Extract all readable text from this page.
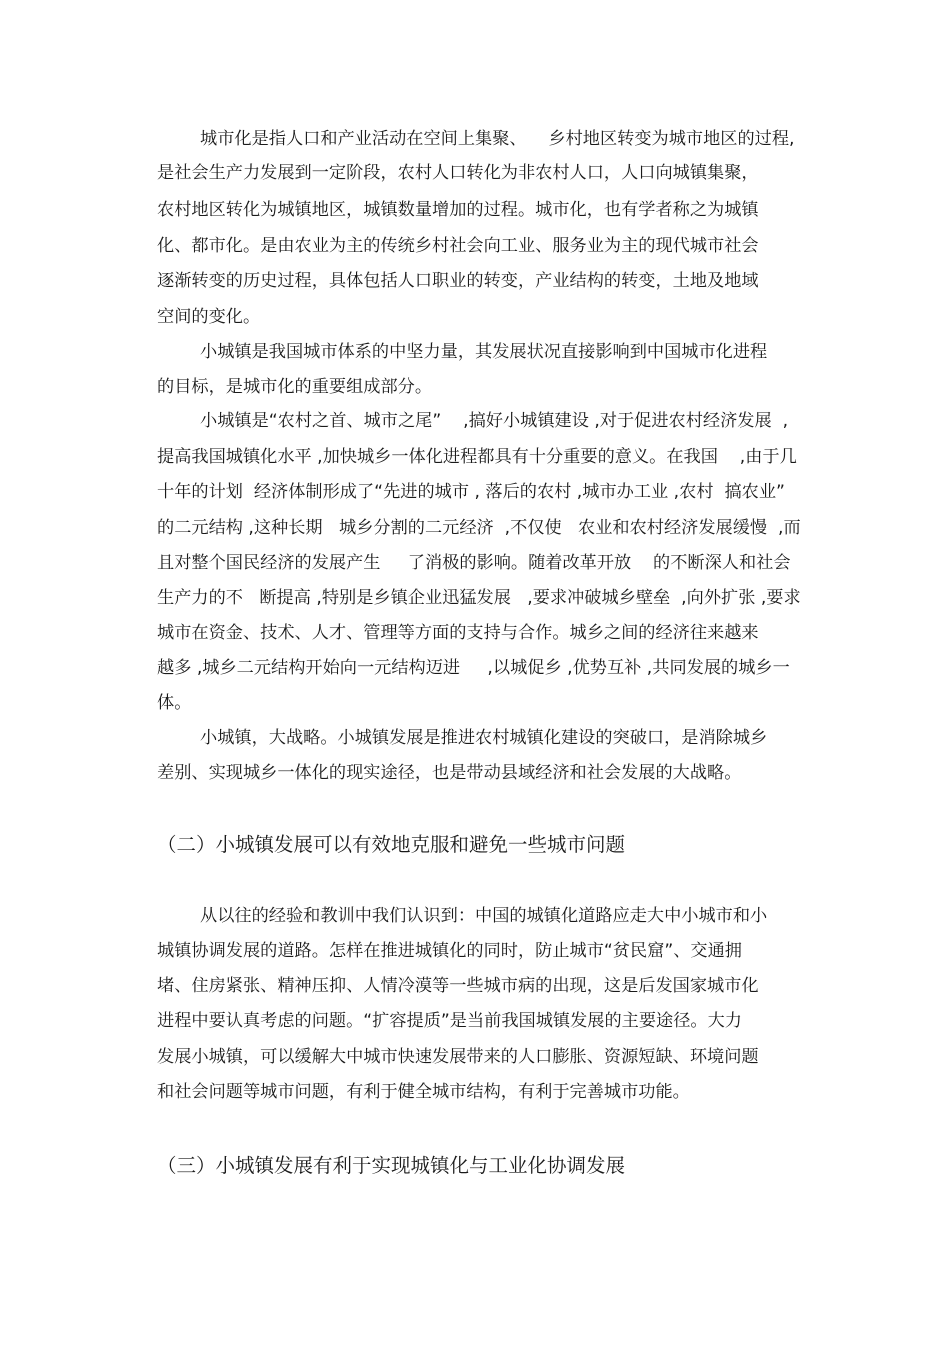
城市化是指人口和产业活动在空间上集聚、    乡村地区转变为城市地区的过程,
是社会生产力发展到一定阶段，农村人口转化为非农村人口，人口向城镇集聚，
农村地区转化为城镇地区，城镇数量增加的过程。城市化，也有学者称之为城镇
化、都市化。是由农业为主的传统乡村社会向工业、服务业为主的现代城市社会
逐渐转变的历史过程，具体包括人口职业的转变，产业结构的转变，土地及地域
空间的变化。
小城镇是我国城市体系的中坚力量，其发展状况直接影响到中国城市化进程
的目标，是城市化的重要组成部分。
小城镇是“农村之首、城市之尾”    ,搞好小城镇建设 ,对于促进农村经济发展  ,
提高我国城镇化水平 ,加快城乡一体化进程都具有十分重要的意义。在我国    ,由于几
十年的计划  经济体制形成了“先进的城市 , 落后的农村 ,城市办工业 ,农村  搞农业”
的二元结构 ,这种长期   城乡分割的二元经济  ,不仅使   农业和农村经济发展缓慢  ,而
且对整个国民经济的发展产生     了消极的影响。随着改革开放    的不断深人和社会
生产力的不   断提高 ,特别是乡镇企业迅猛发展   ,要求冲破城乡壁垒  ,向外扩张 ,要求
城市在资金、技术、人才、管理等方面的支持与合作。城乡之间的经济往来越来
越多 ,城乡二元结构开始向一元结构迈进     ,以城促乡 ,优势互补 ,共同发展的城乡一
体。
小城镇，大战略。小城镇发展是推进农村城镇化建设的突破口，是消除城乡
差别、实现城乡一体化的现实途径，也是带动县域经济和社会发展的大战略。
（二）小城镇发展可以有效地克服和避免一些城市问题
从以往的经验和教训中我们认识到：中国的城镇化道路应走大中小城市和小
城镇协调发展的道路。怎样在推进城镇化的同时，防止城市“贫民窟”、交通拥
堵、住房紧张、精神压抑、人情冷漠等一些城市病的出现，这是后发国家城市化
进程中要认真考虑的问题。“扩容提质”是当前我国城镇发展的主要途径。大力
发展小城镇，可以缓解大中城市快速发展带来的人口膨胀、资源短缺、环境问题
和社会问题等城市问题，有利于健全城市结构，有利于完善城市功能。
（三）小城镇发展有利于实现城镇化与工业化协调发展
